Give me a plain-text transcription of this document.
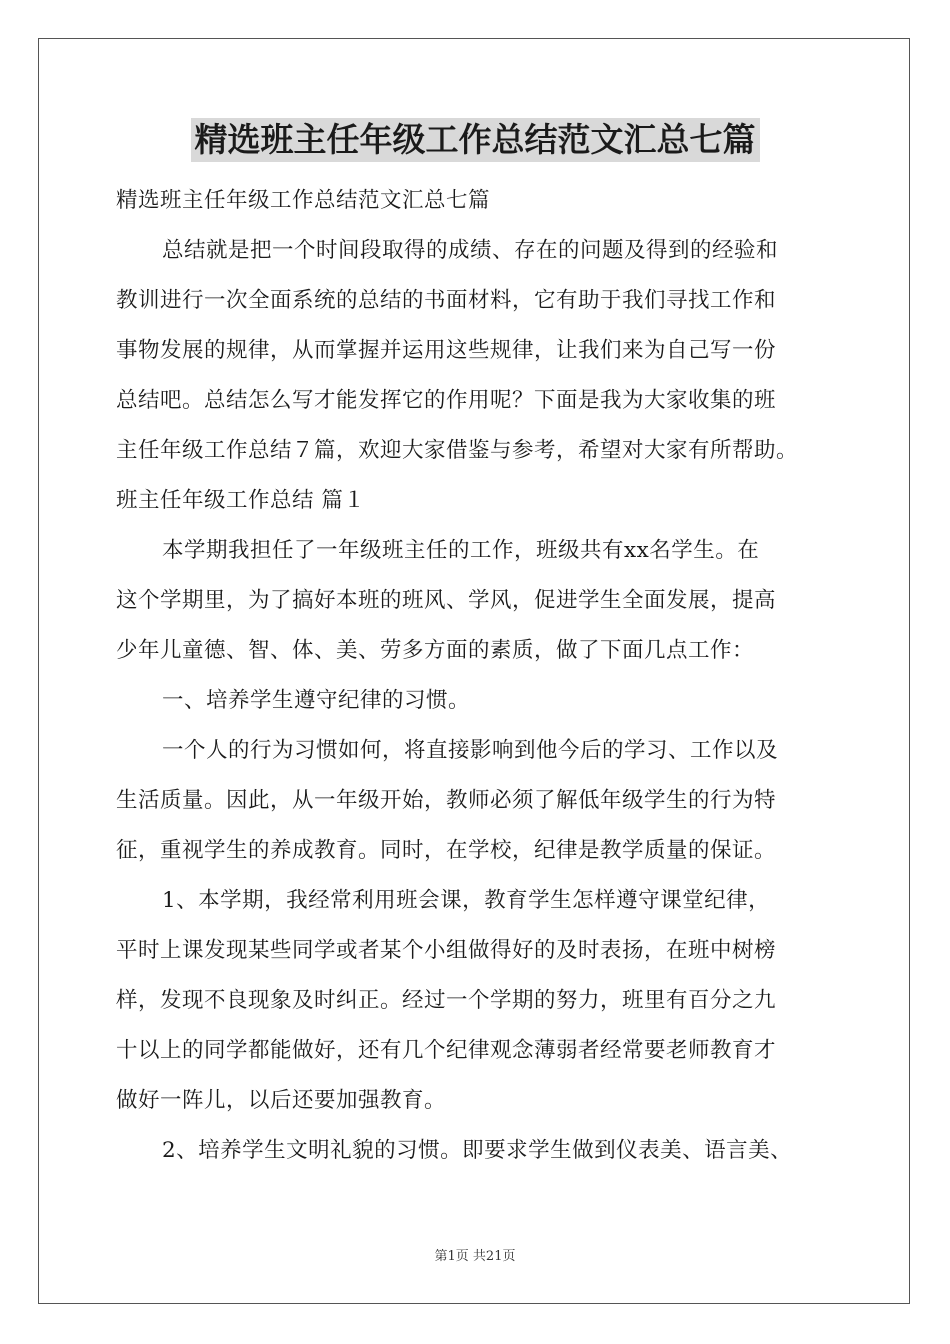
精选班主任年级工作总结范文汇总七篇
精选班主任年级工作总结范文汇总七篇
总结就是把一个时间段取得的成绩、存在的问题及得到的经验和
教训进行一次全面系统的总结的书面材料，它有助于我们寻找工作和
事物发展的规律，从而掌握并运用这些规律，让我们来为自己写一份
总结吧。总结怎么写才能发挥它的作用呢？下面是我为大家收集的班
主任年级工作总结７篇，欢迎大家借鉴与参考，希望对大家有所帮助。
班主任年级工作总结 篇１
本学期我担任了一年级班主任的工作，班级共有xx名学生。在
这个学期里，为了搞好本班的班风、学风，促进学生全面发展，提高
少年儿童德、智、体、美、劳多方面的素质，做了下面几点工作：
一、培养学生遵守纪律的习惯。
一个人的行为习惯如何，将直接影响到他今后的学习、工作以及
生活质量。因此，从一年级开始，教师必须了解低年级学生的行为特
征，重视学生的养成教育。同时，在学校，纪律是教学质量的保证。
1、本学期，我经常利用班会课，教育学生怎样遵守课堂纪律，
平时上课发现某些同学或者某个小组做得好的及时表扬，在班中树榜
样，发现不良现象及时纠正。经过一个学期的努力，班里有百分之九
十以上的同学都能做好，还有几个纪律观念薄弱者经常要老师教育才
做好一阵儿，以后还要加强教育。
2、培养学生文明礼貌的习惯。即要求学生做到仪表美、语言美、
第1页 共21页
